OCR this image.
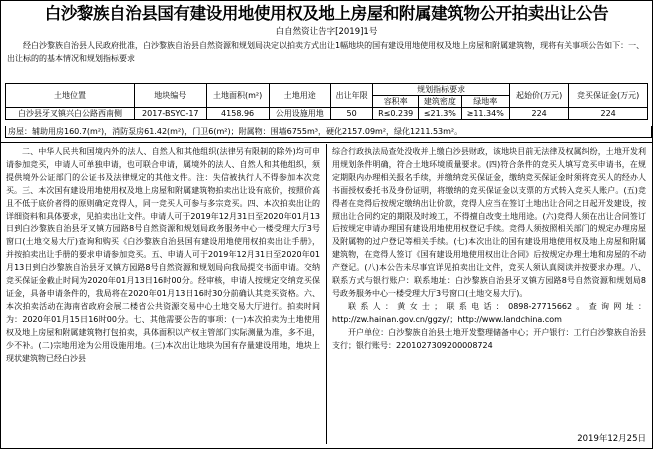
白沙黎族自治县国有建设用地使用权及地上房屋和附属建筑物公开拍卖出让公告
白自然资让告字[2019]1号

经白沙黎族自治县人民政府批准，白沙黎族自治县自然资源和规划局决定以拍卖方式出让1幅地块的国有建设用地使用权及地上房屋和附属建筑物，现将有关事项公告如下：一、出让标的的基本情况和规划指标要求

土地位置	地块编号	土地面积(m²)	土地用途	出让年限	规划指标要求			起始价(万元)	竞买保证金(万元)
					容积率	建筑密度	绿地率		
白沙县牙叉镇兴白公路西南侧	2017-BSYC-17	4158.96	公用设施用地	50	R≤0.239	≤21.3%	≥11.34%	224	224
房屋：辅助用房160.7(m²)，消防泵房61.42(m²)，门卫6(m²)；附属物：围墙6755m³，硬化2157.09m²，绿化1211.53m²。

二、中华人民共和国境内外的法人、自然人和其他组织(法律另有限制的除外)均可申请参加竞买，申请人可单独申请，也可联合申请，属境外的法人、自然人和其他组织，须提供境外公证部门的公证书及法律规定的其他文件。注：失信被执行人不得参加本次竞买。三、本次国有建设用地使用权及地上房屋和附属建筑物拍卖出让设有底价，按照价高且不低于底价者得的原则确定竞得人，同一竞买人可参与多宗竞买。四、本次拍卖出让的详细资料和具体要求，见拍卖出让文件。申请人可于2019年12月31日至2020年01月13日到白沙黎族自治县牙叉镇方园路8号自然资源和规划局政务服务中心一楼受理大厅3号窗口(土地交易大厅)查询和购买《白沙黎族自治县国有建设用地使用权拍卖出让手册》，并按拍卖出让手册的要求申请参加竞买。五、申请人可于2019年12月31日至2020年01月13日到白沙黎族自治县牙叉镇方园路8号自然资源和规划局向我局提交书面申请。交纳竞买保证金截止时间为2020年01月13日16时00分。经审核，申请人按规定交纳竞买保证金，具备申请条件的，我局将在2020年01月13日16时30分前确认其竞买资格。六、本次拍卖活动在海南省政府会展二楼省公共资源交易中心土地交易大厅进行。拍卖时间为：2020年01月15日16时00分。七、其他需要公告的事项：(一)本次拍卖为土地使用权及地上房屋和附属建筑物打包拍卖，具体面积以产权主管部门实际测量为准，多不退，少不补。(二)宗地用途为公用设施用地。(三)本次出让地块为国有存量建设用地，地块上现状建筑物已经白沙县

综合行政执法局查处没收并上缴白沙县财政，该地块目前无法律及权属纠纷，土地开发利用规划条件明确，符合土地环境质量要求。(四)符合条件的竞买人填写竞买申请书，在规定期限内办理相关报名手续，并缴纳竞买保证金，缴纳竞买保证金时须将竞买人的经办人书面授权委托书及身份证明，将缴纳的竞买保证金以支票的方式转入竞买人账户。(五)竞得者在竞得后按规定缴纳出让价款，竞得人应当在签订土地出让合同之日起开发建设，按照出让合同约定的期限及时竣工，不得擅自改变土地用途。(六)竞得人须在出让合同签订后按规定申请办理国有建设用地使用权登记手续。竞得人须按照相关部门的规定办理房屋及附属物的过户登记等相关手续。(七)本次出让的国有建设用地使用权及地上房屋和附属建筑物，在竞得人签订《国有建设用地使用权出让合同》后按规定办理土地和房屋的不动产登记。(八)本公告未尽事宜详见拍卖出让文件，竞买人须认真阅读并按要求办理。八、联系方式与银行账户：联系地址：白沙黎族自治县牙叉镇方园路8号自然资源和规划局8号政务服务中心一楼受理大厅3号窗口(土地交易大厅)。

联系人：黄女士；联系电话：0898-27715662。查询网址：http://zw.hainan.gov.cn/ggzy/；http://www.landchina.com

开户单位：白沙黎族自治县土地开发整理储备中心；开户银行：工行白沙黎族自治县支行；银行账号：2201027309200008724

2019年12月25日
